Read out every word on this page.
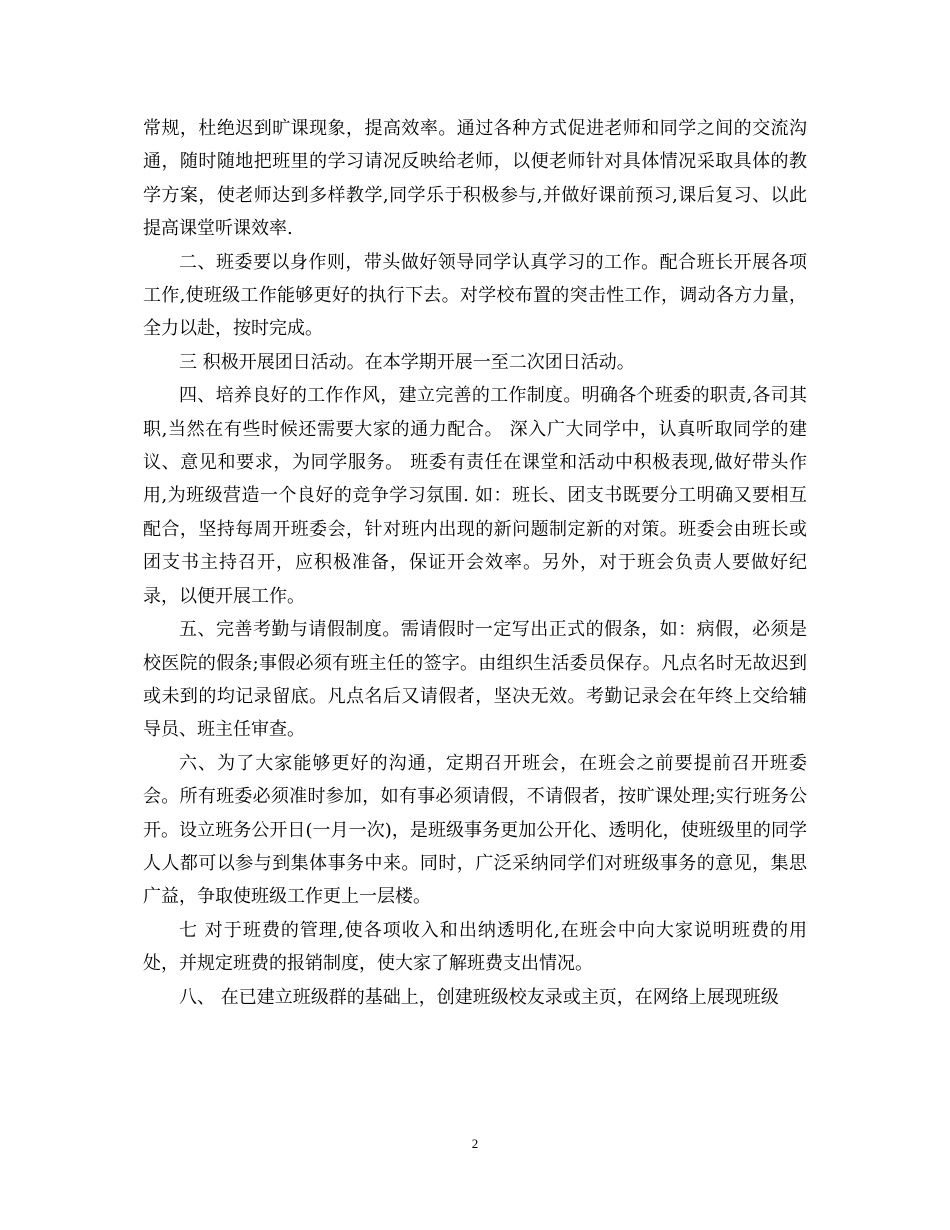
常规，杜绝迟到旷课现象，提高效率。通过各种方式促进老师和同学之间的交流沟通，随时随地把班里的学习请况反映给老师，以便老师针对具体情况采取具体的教学方案，使老师达到多样教学,同学乐于积极参与,并做好课前预习,课后复习、以此提高课堂听课效率.

二、班委要以身作则，带头做好领导同学认真学习的工作。配合班长开展各项工作,使班级工作能够更好的执行下去。对学校布置的突击性工作，调动各方力量，全力以赴，按时完成。

三 积极开展团日活动。在本学期开展一至二次团日活动。

四、培养良好的工作作风，建立完善的工作制度。明确各个班委的职责,各司其职,当然在有些时候还需要大家的通力配合。 深入广大同学中，认真听取同学的建议、意见和要求，为同学服务。 班委有责任在课堂和活动中积极表现,做好带头作用,为班级营造一个良好的竞争学习氛围. 如：班长、团支书既要分工明确又要相互配合，坚持每周开班委会，针对班内出现的新问题制定新的对策。班委会由班长或团支书主持召开，应积极准备，保证开会效率。另外，对于班会负责人要做好纪录，以便开展工作。

五、完善考勤与请假制度。需请假时一定写出正式的假条，如：病假，必须是校医院的假条;事假必须有班主任的签字。由组织生活委员保存。凡点名时无故迟到或未到的均记录留底。凡点名后又请假者，坚决无效。考勤记录会在年终上交给辅导员、班主任审查。

六、为了大家能够更好的沟通，定期召开班会，在班会之前要提前召开班委会。所有班委必须准时参加，如有事必须请假，不请假者，按旷课处理;实行班务公开。设立班务公开日(一月一次)，是班级事务更加公开化、透明化，使班级里的同学人人都可以参与到集体事务中来。同时，广泛采纳同学们对班级事务的意见，集思广益，争取使班级工作更上一层楼。

七 对于班费的管理,使各项收入和出纳透明化,在班会中向大家说明班费的用处，并规定班费的报销制度，使大家了解班费支出情况。

八、 在已建立班级群的基础上，创建班级校友录或主页，在网络上展现班级

2
